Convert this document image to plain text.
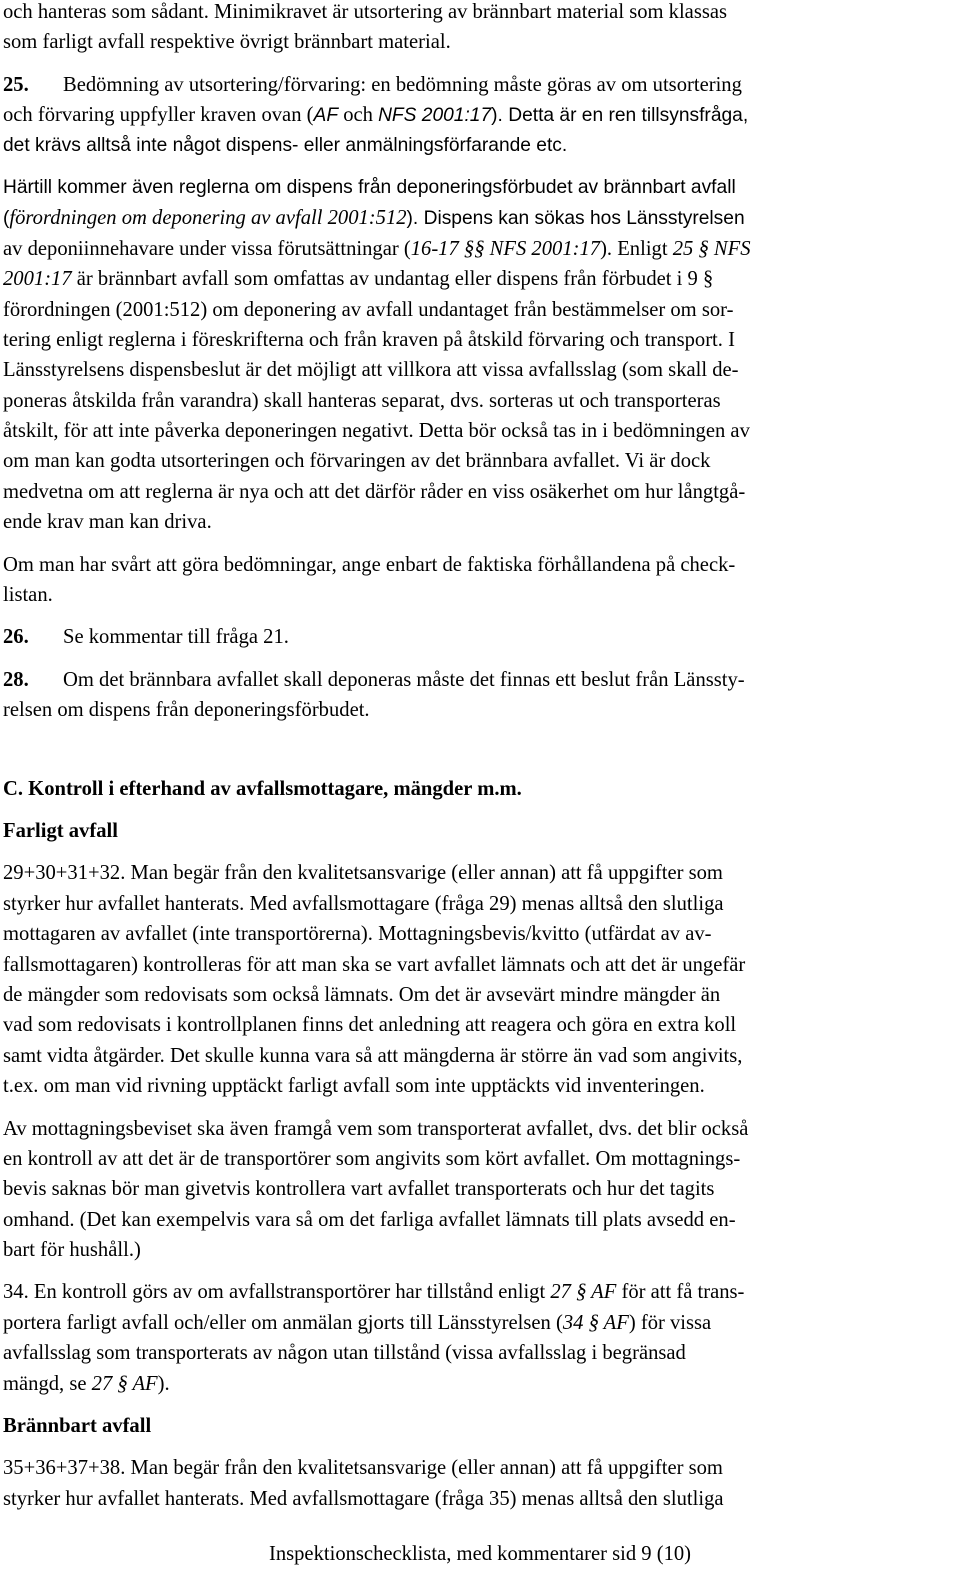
och hanteras som sådant. Minimikravet är utsortering av brännbart material som klassas
som farligt avfall respektive övrigt brännbart material.
25. Bedömning av utsortering/förvaring: en bedömning måste göras av om utsortering
och förvaring uppfyller kraven ovan (AF och NFS 2001:17). Detta är en ren tillsynsfråga,
det krävs alltså inte något dispens- eller anmälningsförfarande etc.
Härtill kommer även reglerna om dispens från deponeringsförbudet av brännbart avfall
(förordningen om deponering av avfall 2001:512). Dispens kan sökas hos Länsstyrelsen
av deponiinnehavare under vissa förutsättningar (16-17 §§ NFS 2001:17). Enligt 25 § NFS
2001:17 är brännbart avfall som omfattas av undantag eller dispens från förbudet i 9 §
förordningen (2001:512) om deponering av avfall undantaget från bestämmelser om sor-
tering enligt reglerna i föreskrifterna och från kraven på åtskild förvaring och transport. I
Länsstyrelsens dispensbeslut är det möjligt att villkora att vissa avfallsslag (som skall de-
poneras åtskilda från varandra) skall hanteras separat, dvs. sorteras ut och transporteras
åtskilt, för att inte påverka deponeringen negativt. Detta bör också tas in i bedömningen av
om man kan godta utsorteringen och förvaringen av det brännbara avfallet. Vi är dock
medvetna om att reglerna är nya och att det därför råder en viss osäkerhet om hur långtgå-
ende krav man kan driva.
Om man har svårt att göra bedömningar, ange enbart de faktiska förhållandena på check-
listan.
26. Se kommentar till fråga 21.
28. Om det brännbara avfallet skall deponeras måste det finnas ett beslut från Länssty-
relsen om dispens från deponeringsförbudet.
C. Kontroll i efterhand av avfallsmottagare, mängder m.m.
Farligt avfall
29+30+31+32. Man begär från den kvalitetsansvarige (eller annan) att få uppgifter som
styrker hur avfallet hanterats. Med avfallsmottagare (fråga 29) menas alltså den slutliga
mottagaren av avfallet (inte transportörerna). Mottagningsbevis/kvitto (utfärdat av av-
fallsmottagaren) kontrolleras för att man ska se vart avfallet lämnats och att det är ungefär
de mängder som redovisats som också lämnats. Om det är avsevärt mindre mängder än
vad som redovisats i kontrollplanen finns det anledning att reagera och göra en extra koll
samt vidta åtgärder. Det skulle kunna vara så att mängderna är större än vad som angivits,
t.ex. om man vid rivning upptäckt farligt avfall som inte upptäckts vid inventeringen.
Av mottagningsbeviset ska även framgå vem som transporterat avfallet, dvs. det blir också
en kontroll av att det är de transportörer som angivits som kört avfallet. Om mottagnings-
bevis saknas bör man givetvis kontrollera vart avfallet transporterats och hur det tagits
omhand. (Det kan exempelvis vara så om det farliga avfallet lämnats till plats avsedd en-
bart för hushåll.)
34. En kontroll görs av om avfallstransportörer har tillstånd enligt 27 § AF för att få trans-
portera farligt avfall och/eller om anmälan gjorts till Länsstyrelsen (34 § AF) för vissa
avfallsslag som transporterats av någon utan tillstånd (vissa avfallsslag i begränsad
mängd, se 27 § AF).
Brännbart avfall
35+36+37+38. Man begär från den kvalitetsansvarige (eller annan) att få uppgifter som
styrker hur avfallet hanterats. Med avfallsmottagare (fråga 35) menas alltså den slutliga
Inspektionschecklista, med kommentarer sid 9 (10)
